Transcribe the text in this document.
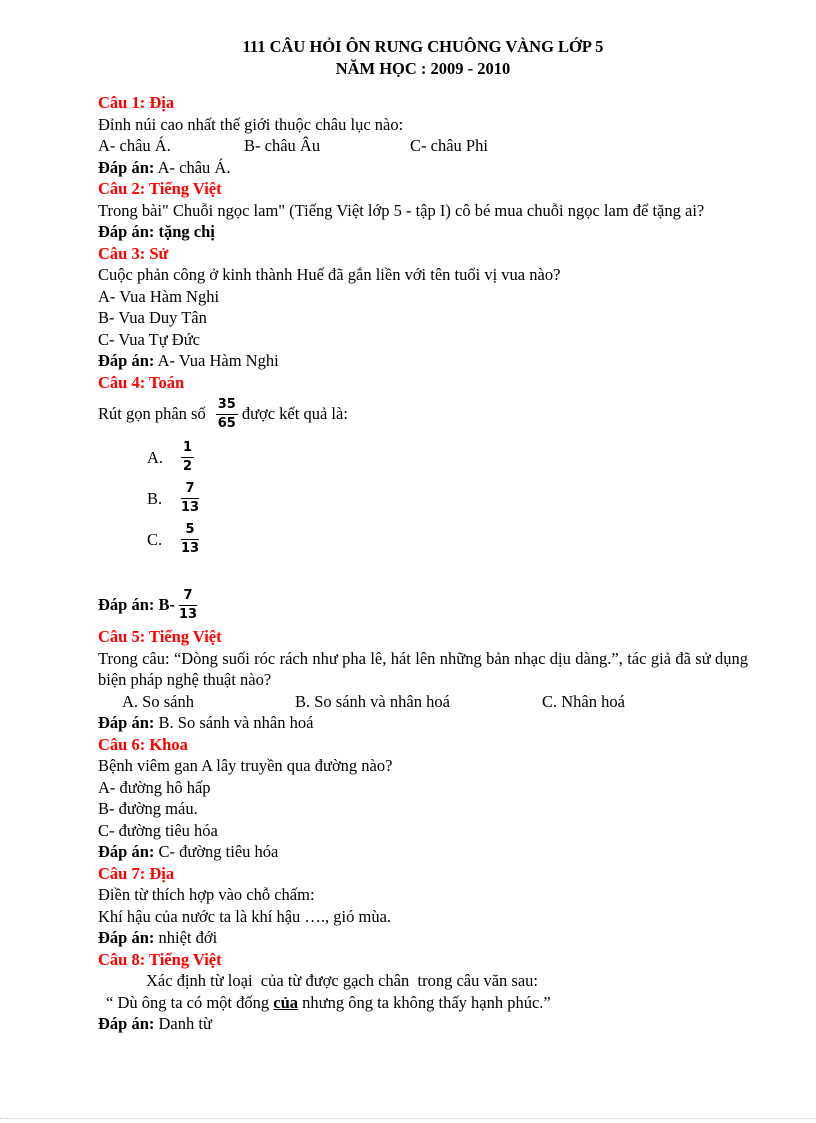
111 CÂU HỎI ÔN RUNG CHUÔNG VÀNG LỚP 5
NĂM HỌC : 2009 - 2010
Câu 1: Địa
Đỉnh núi cao nhất thế giới thuộc châu lục nào:
A- châu Á.	B- châu Âu	C- châu Phi
Đáp án: A- châu Á.
Câu 2: Tiếng Việt
Trong bài" Chuỗi ngọc lam" (Tiếng Việt lớp 5 - tập I) cô bé mua chuỗi ngọc lam để tặng ai?
Đáp án: tặng chị
Câu 3: Sử
Cuộc phản công ở kinh thành Huế đã gắn liền với tên tuổi vị vua nào?
A- Vua Hàm Nghi
B- Vua Duy Tân
C- Vua Tự Đức
Đáp án: A- Vua Hàm Nghi
Câu 4: Toán
Rút gọn phân số $\frac{35}{65}$ được kết quả là:
A.	$\frac{1}{2}$
B.	$\frac{7}{13}$
C.	$\frac{5}{13}$
Đáp án: $B- \frac{7}{13}$
Câu 5: Tiếng Việt
Trong câu: “Dòng suối róc rách như pha lê, hát lên những bản nhạc dịu dàng.”, tác giả đã sử dụng biện pháp nghệ thuật nào?
A. So sánh	B. So sánh và nhân hoá	C. Nhân hoá
Đáp án: B. So sánh và nhân hoá
Câu 6: Khoa
Bệnh viêm gan A lây truyền qua đường nào?
A- đường hô hấp
B- đường máu.
C- đường tiêu hóa
Đáp án: C- đường tiêu hóa
Câu 7: Địa
Điền từ thích hợp vào chỗ chấm:
Khí hậu của nước ta là khí hậu …., gió mùa.
Đáp án: nhiệt đới
Câu 8: Tiếng Việt
Xác định từ loại  của từ được gạch chân  trong câu văn sau:
“ Dù ông ta có một đống của nhưng ông ta không thấy hạnh phúc.”
Đáp án: Danh từ
